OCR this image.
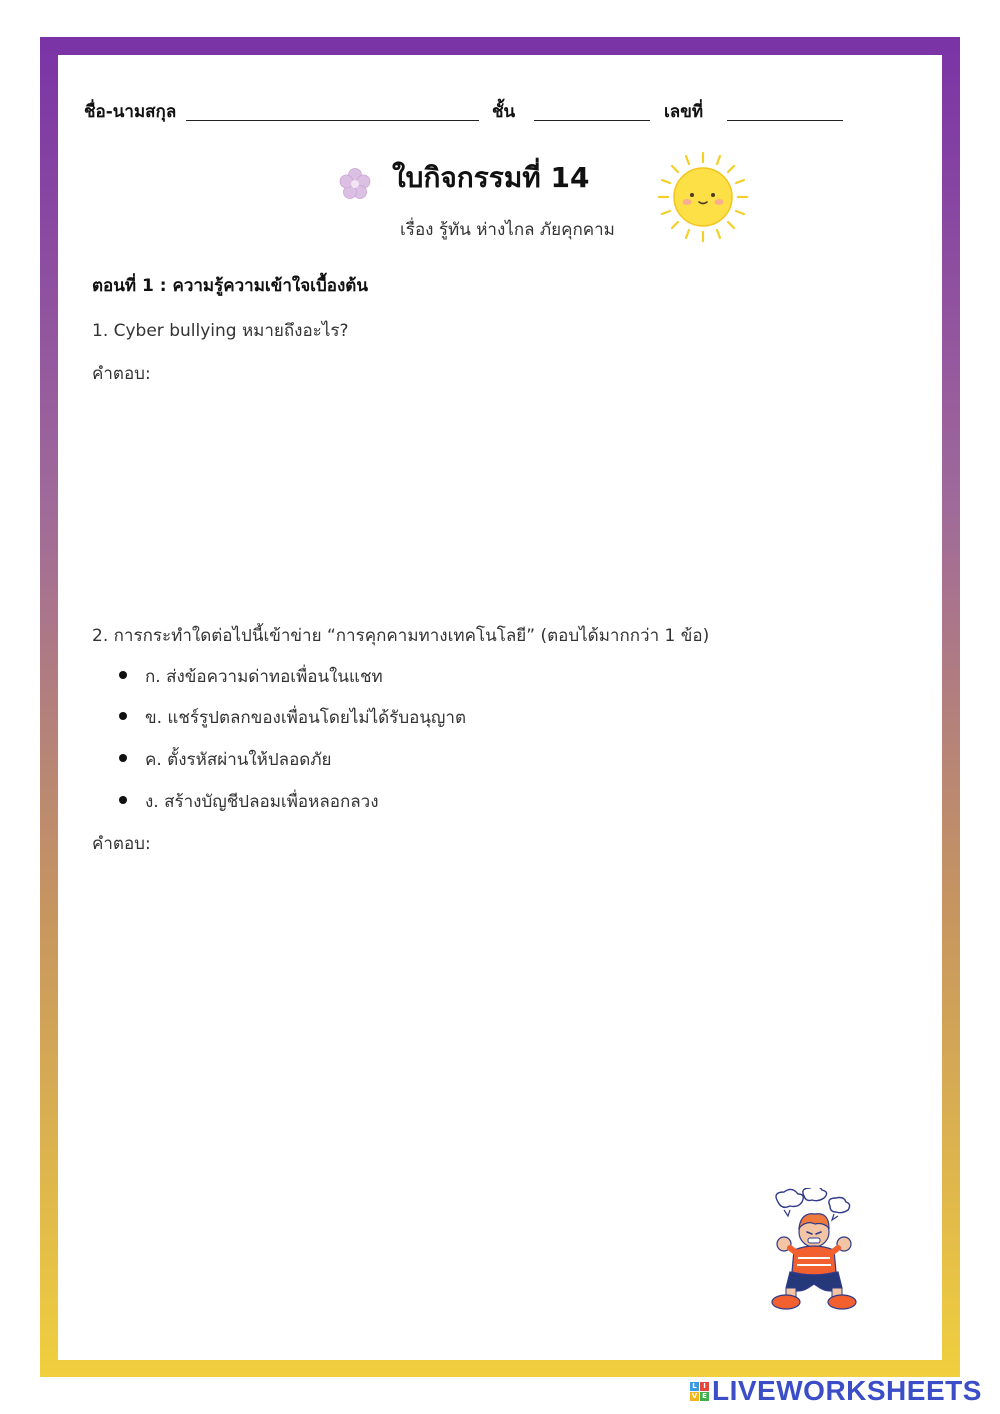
ชื่อ-นามสกุล	ชั้น	เลขที่
ใบกิจกรรมที่ 14
เรื่อง รู้ทัน ห่างไกล ภัยคุกคาม
ตอนที่ 1 : ความรู้ความเข้าใจเบื้องต้น
1. Cyber bullying หมายถึงอะไร?
คำตอบ:
2. การกระทำใดต่อไปนี้เข้าข่าย “การคุกคามทางเทคโนโลยี” (ตอบได้มากกว่า 1 ข้อ)
ก. ส่งข้อความด่าทอเพื่อนในแชท
ข. แชร์รูปตลกของเพื่อนโดยไม่ได้รับอนุญาต
ค. ตั้งรหัสผ่านให้ปลอดภัย
ง. สร้างบัญชีปลอมเพื่อหลอกลวง
คำตอบ:
L I
V E LIVEWORKSHEETS
